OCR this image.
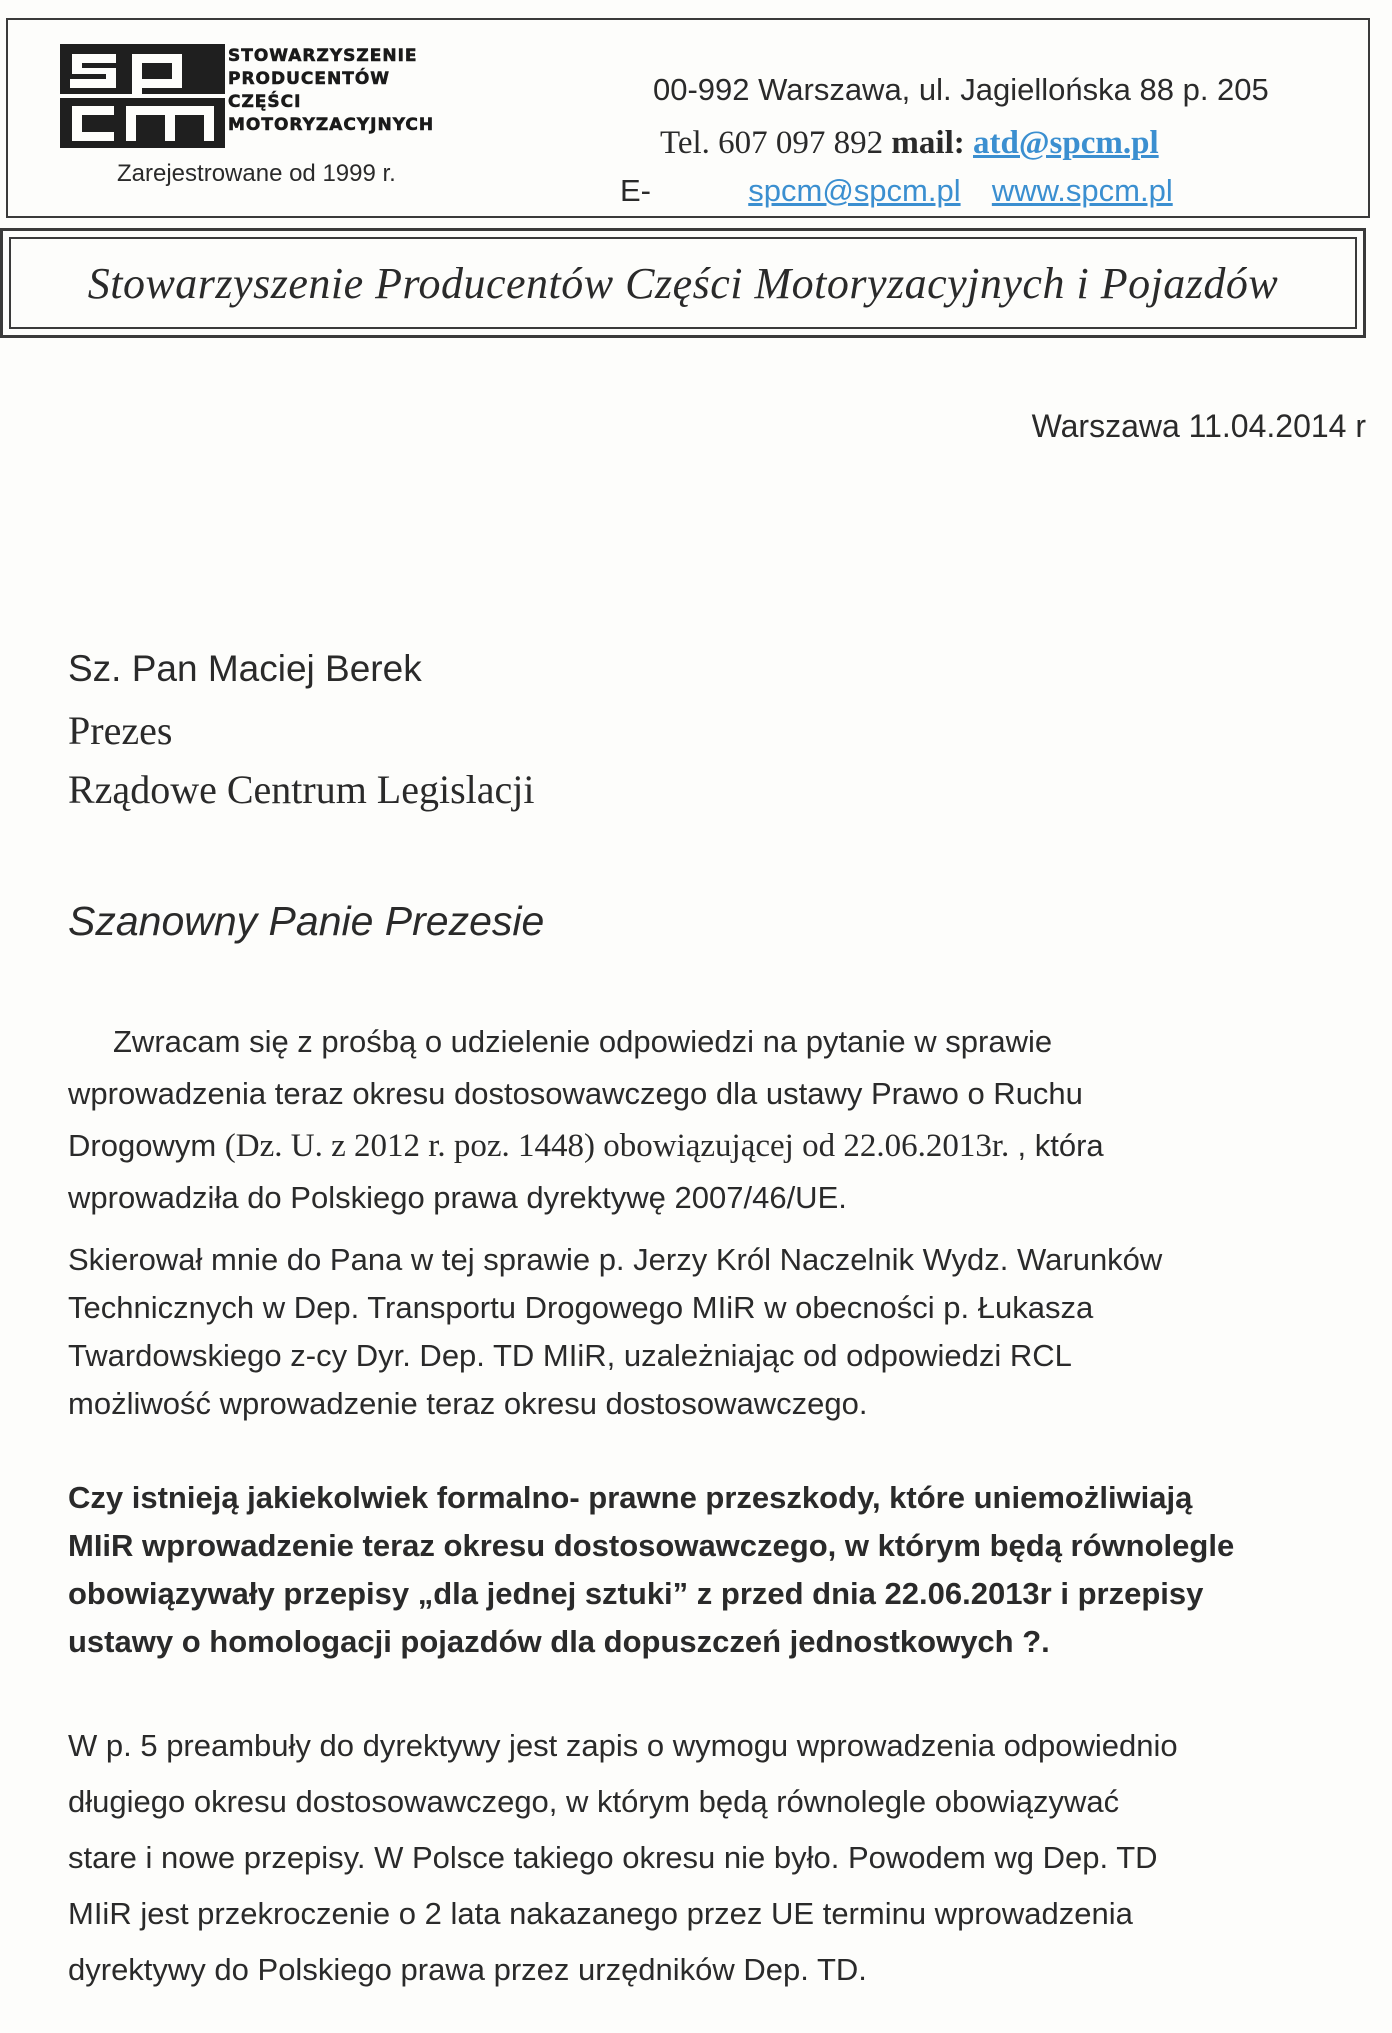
STOWARZYSZENIE
PRODUCENTÓW
CZĘŚCI
MOTORYZACYJNYCH
Zarejestrowane od 1999 r.
00-992 Warszawa, ul. Jagiellońska 88 p. 205
Tel. 607 097 892 mail: atd@spcm.pl
E-	spcm@spcm.pl www.spcm.pl
Stowarzyszenie Producentów Części Motoryzacyjnych i Pojazdów
Warszawa 11.04.2014 r
Sz. Pan Maciej Berek
Prezes
Rządowe Centrum Legislacji
Szanowny Panie Prezesie
Zwracam się z prośbą o udzielenie odpowiedzi na pytanie w sprawie
wprowadzenia teraz okresu dostosowawczego dla ustawy Prawo o Ruchu
Drogowym (Dz. U. z 2012 r. poz. 1448) obowiązującej od 22.06.2013r. , która
wprowadziła do Polskiego prawa dyrektywę 2007/46/UE.
Skierował mnie do Pana w tej sprawie p. Jerzy Król Naczelnik Wydz. Warunków
Technicznych w Dep. Transportu Drogowego MIiR w obecności p. Łukasza
Twardowskiego z-cy Dyr. Dep. TD MIiR, uzależniając od odpowiedzi RCL
możliwość wprowadzenie teraz okresu dostosowawczego.
Czy istnieją jakiekolwiek formalno- prawne przeszkody, które uniemożliwiają
MIiR wprowadzenie teraz okresu dostosowawczego, w którym będą równolegle
obowiązywały przepisy „dla jednej sztuki” z przed dnia 22.06.2013r i przepisy
ustawy o homologacji pojazdów dla dopuszczeń jednostkowych ?.
W p. 5 preambuły do dyrektywy jest zapis o wymogu wprowadzenia odpowiednio
długiego okresu dostosowawczego, w którym będą równolegle obowiązywać
stare i nowe przepisy. W Polsce takiego okresu nie było. Powodem wg Dep. TD
MIiR jest przekroczenie o 2 lata nakazanego przez UE terminu wprowadzenia
dyrektywy do Polskiego prawa przez urzędników Dep. TD.
